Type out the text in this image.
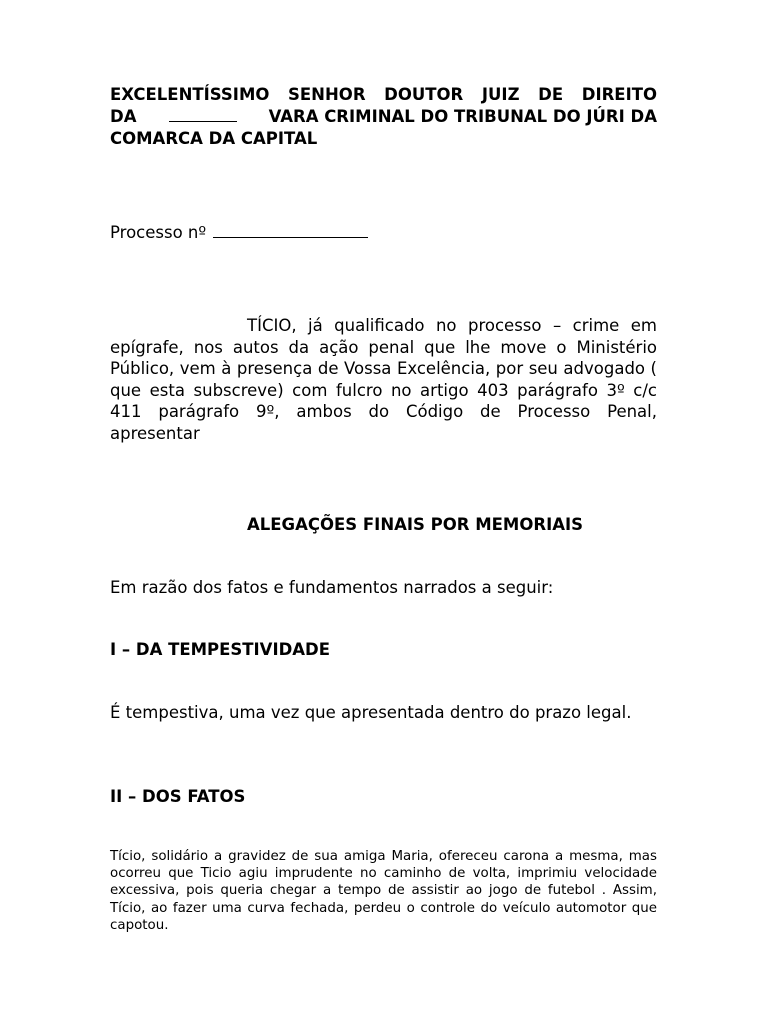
EXCELENTÍSSIMO SENHOR DOUTOR JUIZ DE DIREITO
DA	VARA CRIMINAL DO TRIBUNAL DO JÚRI DA
COMARCA DA CAPITAL
Processo nº
TÍCIO, já qualificado no processo – crime em epígrafe, nos autos da ação penal que lhe move o Ministério Público, vem à presença de Vossa Excelência, por seu advogado ( que esta subscreve) com fulcro no artigo 403 parágrafo 3º c/c 411 parágrafo 9º, ambos do Código de Processo Penal, apresentar
ALEGAÇÕES FINAIS POR MEMORIAIS
Em razão dos fatos e fundamentos narrados a seguir:
I – DA TEMPESTIVIDADE
É tempestiva, uma vez que apresentada dentro do prazo legal.
II – DOS FATOS
Tício, solidário a gravidez de sua amiga Maria, ofereceu carona a mesma, mas ocorreu que Ticio agiu imprudente no caminho de volta, imprimiu velocidade excessiva, pois queria chegar a tempo de assistir ao jogo de futebol . Assim, Tício, ao fazer uma curva fechada, perdeu o controle do veículo automotor que capotou.
